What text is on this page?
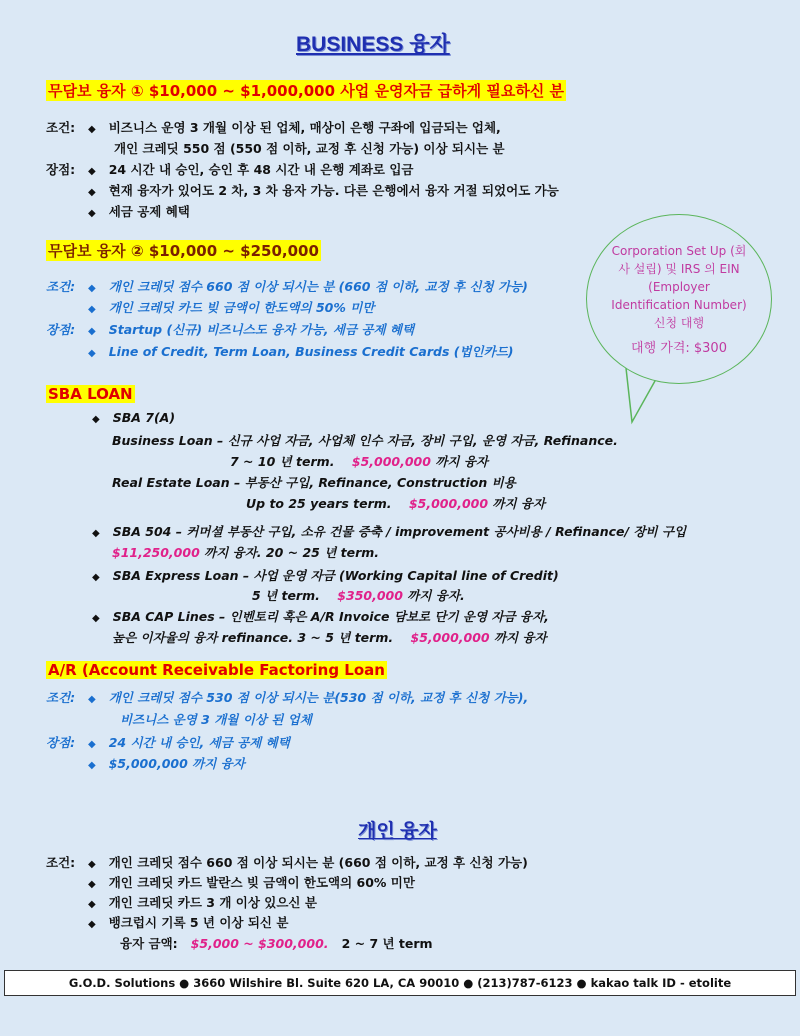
BUSINESS 융자
무담보 융자 ① $10,000 ~ $1,000,000 사업 운영자금 급하게 필요하신 분
조건: ◆ 비즈니스 운영 3 개월 이상 된 업체, 매상이 은행 구좌에 입금되는 업체,
개인 크레딧 550 점 (550 점 이하, 교정 후 신청 가능) 이상 되시는 분
장점: ◆ 24 시간 내 승인, 승인 후 48 시간 내 은행 계좌로 입금
◆ 현재 융자가 있어도 2 차, 3 차 융자 가능. 다른 은행에서 융자 거절 되었어도 가능
◆ 세금 공제 혜택
무담보 융자 ② $10,000 ~ $250,000
조건: ◆ 개인 크레딧 점수 660 점 이상 되시는 분 (660 점 이하, 교정 후 신청 가능)
◆ 개인 크레딧 카드 빚 금액이 한도액의 50% 미만
장점: ◆ Startup (신규) 비즈니스도 융자 가능, 세금 공제 혜택
◆ Line of Credit, Term Loan, Business Credit Cards (법인카드)
Corporation Set Up (회사 설립) 및 IRS 의 EIN (Employer Identification Number) 신청 대행
대행 가격: $300
SBA LOAN
◆ SBA 7(A)
Business Loan – 신규 사업 자금, 사업체 인수 자금, 장비 구입, 운영 자금, Refinance.
7 ~ 10 년 term. $5,000,000 까지 융자
Real Estate Loan – 부동산 구입, Refinance, Construction 비용
Up to 25 years term. $5,000,000 까지 융자
◆ SBA 504 – 커머셜 부동산 구입, 소유 건물 증축 / improvement 공사비용 / Refinance/ 장비 구입
$11,250,000 까지 융자. 20 ~ 25 년 term.
◆ SBA Express Loan – 사업 운영 자금 (Working Capital line of Credit)
5 년 term. $350,000 까지 융자.
◆ SBA CAP Lines – 인벤토리 혹은 A/R Invoice 담보로 단기 운영 자금 융자,
높은 이자율의 융자 refinance. 3 ~ 5 년 term. $5,000,000 까지 융자
A/R (Account Receivable Factoring Loan
조건: ◆ 개인 크레딧 점수 530 점 이상 되시는 분(530 점 이하, 교정 후 신청 가능),
비즈니스 운영 3 개월 이상 된 업체
장점: ◆ 24 시간 내 승인, 세금 공제 혜택
◆ $5,000,000 까지 융자
개인 융자
조건: ◆ 개인 크레딧 점수 660 점 이상 되시는 분 (660 점 이하, 교정 후 신청 가능)
◆ 개인 크레딧 카드 발란스 빚 금액이 한도액의 60% 미만
◆ 개인 크레딧 카드 3 개 이상 있으신 분
◆ 뱅크럽시 기록 5 년 이상 되신 분
융자 금액: $5,000 ~ $300,000. 2 ~ 7 년 term
G.O.D. Solutions ● 3660 Wilshire Bl. Suite 620 LA, CA 90010 ● (213)787-6123 ● kakao talk ID - etolite
